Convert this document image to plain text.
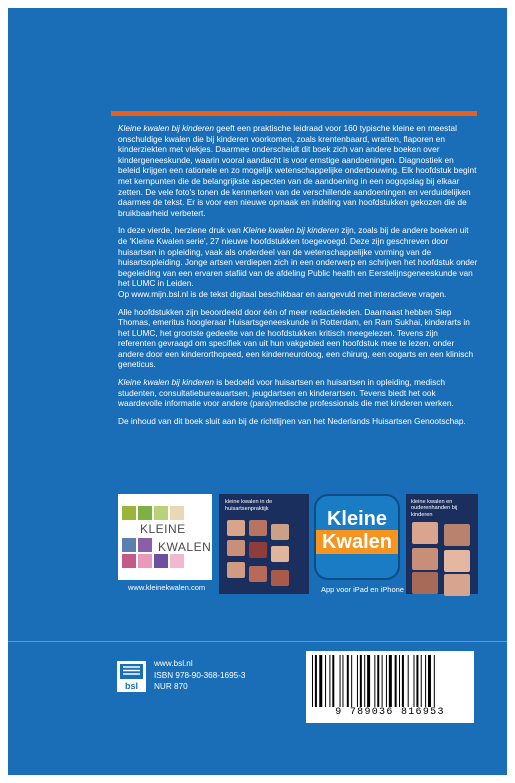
Kleine kwalen bij kinderen geeft een praktische leidraad voor 160 typische kleine en meestal onschuldige kwalen die bij kinderen voorkomen, zoals krentenbaard, wratten, flaporen en kinderziekten met vlekjes. Daarmee onderscheidt dit boek zich van andere boeken over kindergeneeskunde, waarin vooral aandacht is voor ernstige aandoeningen. Diagnostiek en beleid krijgen een rationele en zo mogelijk wetenschappelijke onderbouwing. Elk hoofdstuk begint met kernpunten die de belangrijkste aspecten van de aandoening in een oogopslag bij elkaar zetten. De vele foto's tonen de kenmerken van de verschillende aandoeningen en verduidelijken daarmee de tekst. Er is voor een nieuwe opmaak en indeling van hoofdstukken gekozen die de bruikbaarheid verbetert.

In deze vierde, herziene druk van Kleine kwalen bij kinderen zijn, zoals bij de andere boeken uit de 'Kleine Kwalen serie', 27 nieuwe hoofdstukken toegevoegd. Deze zijn geschreven door huisartsen in opleiding, vaak als onderdeel van de wetenschappelijke vorming van de huisartsopleiding. Jonge artsen verdiepen zich in een onderwerp en schrijven het hoofdstuk onder begeleiding van een ervaren stafiid van de afdeling Public health en Eerstelijnsgeneeskunde van het LUMC in Leiden.

Op www.mijn.bsl.nl is de tekst digitaal beschikbaar en aangevuld met interactieve vragen.

Alle hoofdstukken zijn beoordeeld door één of meer redactieleden. Daarnaast hebben Siep Thomas, emeritus hoogleraar Huisartsgeneeskunde in Rotterdam, en Ram Sukhai, kinderarts in het LUMC, het grootste gedeelte van de hoofdstukken kritisch meegelezen. Tevens zijn referenten gevraagd om specifiek van uit hun vakgebied een hoofdstuk mee te lezen, onder andere door een kinderorthopeed, een kinderneuroloog, een chirurg, een oogarts en een klinisch geneticus.

Kleine kwalen bij kinderen is bedoeld voor huisartsen en huisartsen in opleiding, medisch studenten, consultatiebureauartsen, jeugdartsen en kinderartsen. Tevens biedt het ook waardevolle informatie voor andere (para)medische professionals die met kinderen werken.

De inhoud van dit boek sluit aan bij de richtlijnen van het Nederlands Huisartsen Genootschap.

KLEINE
KWALEN
kleine kwalen in de huisartsenpraktijk	Kleine
Kwalen
kleine kwalen en ouderenhanden bij kinderen
www.kleinekwalen.com	App voor iPad en iPhone
bsl
www.bsl.nl
ISBN 978-90-368-1695-3
NUR 870
9 789036 816953
